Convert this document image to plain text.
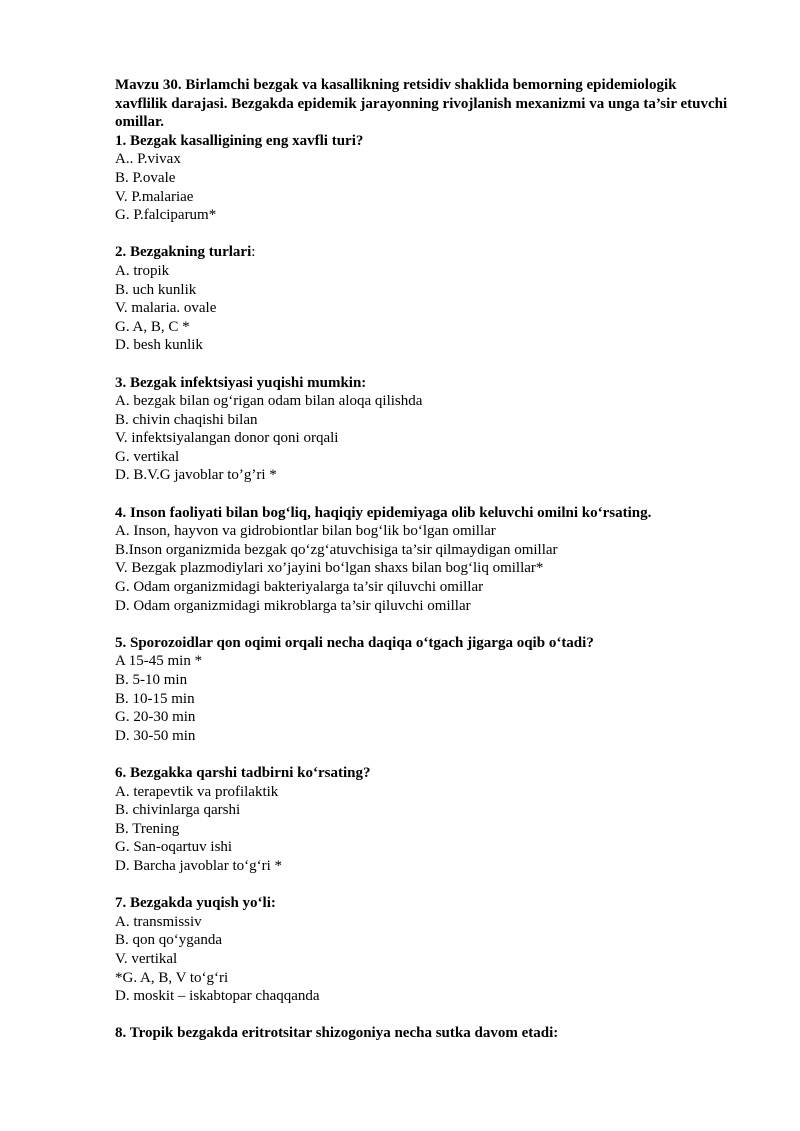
Mavzu 30. Birlamchi bezgak va kasallikning retsidiv shaklida bemorning epidemiologik xavflilik darajasi. Bezgakda epidemik jarayonning rivojlanish mexanizmi va unga ta’sir etuvchi omillar.

1. Bezgak kasalligining eng xavfli turi?

A.. P.vivax

B. P.ovale

V. P.malariae

G. P.falciparum*

2. Bezgakning turlari:

A. tropik

B. uch kunlik

V. malaria. ovale

G. A, B, C *

D. besh kunlik

3. Bezgak infektsiyasi yuqishi mumkin:

A. bezgak bilan og‘rigan odam bilan aloqa qilishda

B. chivin chaqishi bilan

V. infektsiyalangan donor qoni orqali

G. vertikal

D. B.V.G javoblar to’g’ri *

4. Inson faoliyati bilan bog‘liq, haqiqiy epidemiyaga olib keluvchi omilni ko‘rsating.

A. Inson, hayvon va gidrobiontlar bilan bog‘lik bo‘lgan omillar

B.Inson organizmida bezgak qo‘zg‘atuvchisiga ta’sir qilmaydigan omillar

V. Bezgak plazmodiylari xo’jayini bo‘lgan shaxs bilan bog‘liq omillar*

G. Odam organizmidagi bakteriyalarga ta’sir qiluvchi omillar

D. Odam organizmidagi mikroblarga ta’sir qiluvchi omillar

5. Sporozoidlar qon oqimi orqali necha daqiqa o‘tgach jigarga oqib o‘tadi?

A 15-45 min *

B. 5-10 min

B. 10-15 min

G. 20-30 min

D. 30-50 min

6. Bezgakka qarshi tadbirni ko‘rsating?

A. terapevtik va profilaktik

B. chivinlarga qarshi

B. Trening

G. San-oqartuv ishi

D. Barcha javoblar to‘g‘ri *

7. Bezgakda yuqish yo‘li:

A. transmissiv

B. qon qo‘yganda

V. vertikal

*G. A, B, V to‘g‘ri

D. moskit – iskabtopar chaqqanda

8. Tropik bezgakda eritrotsitar shizogoniya necha sutka davom etadi:
